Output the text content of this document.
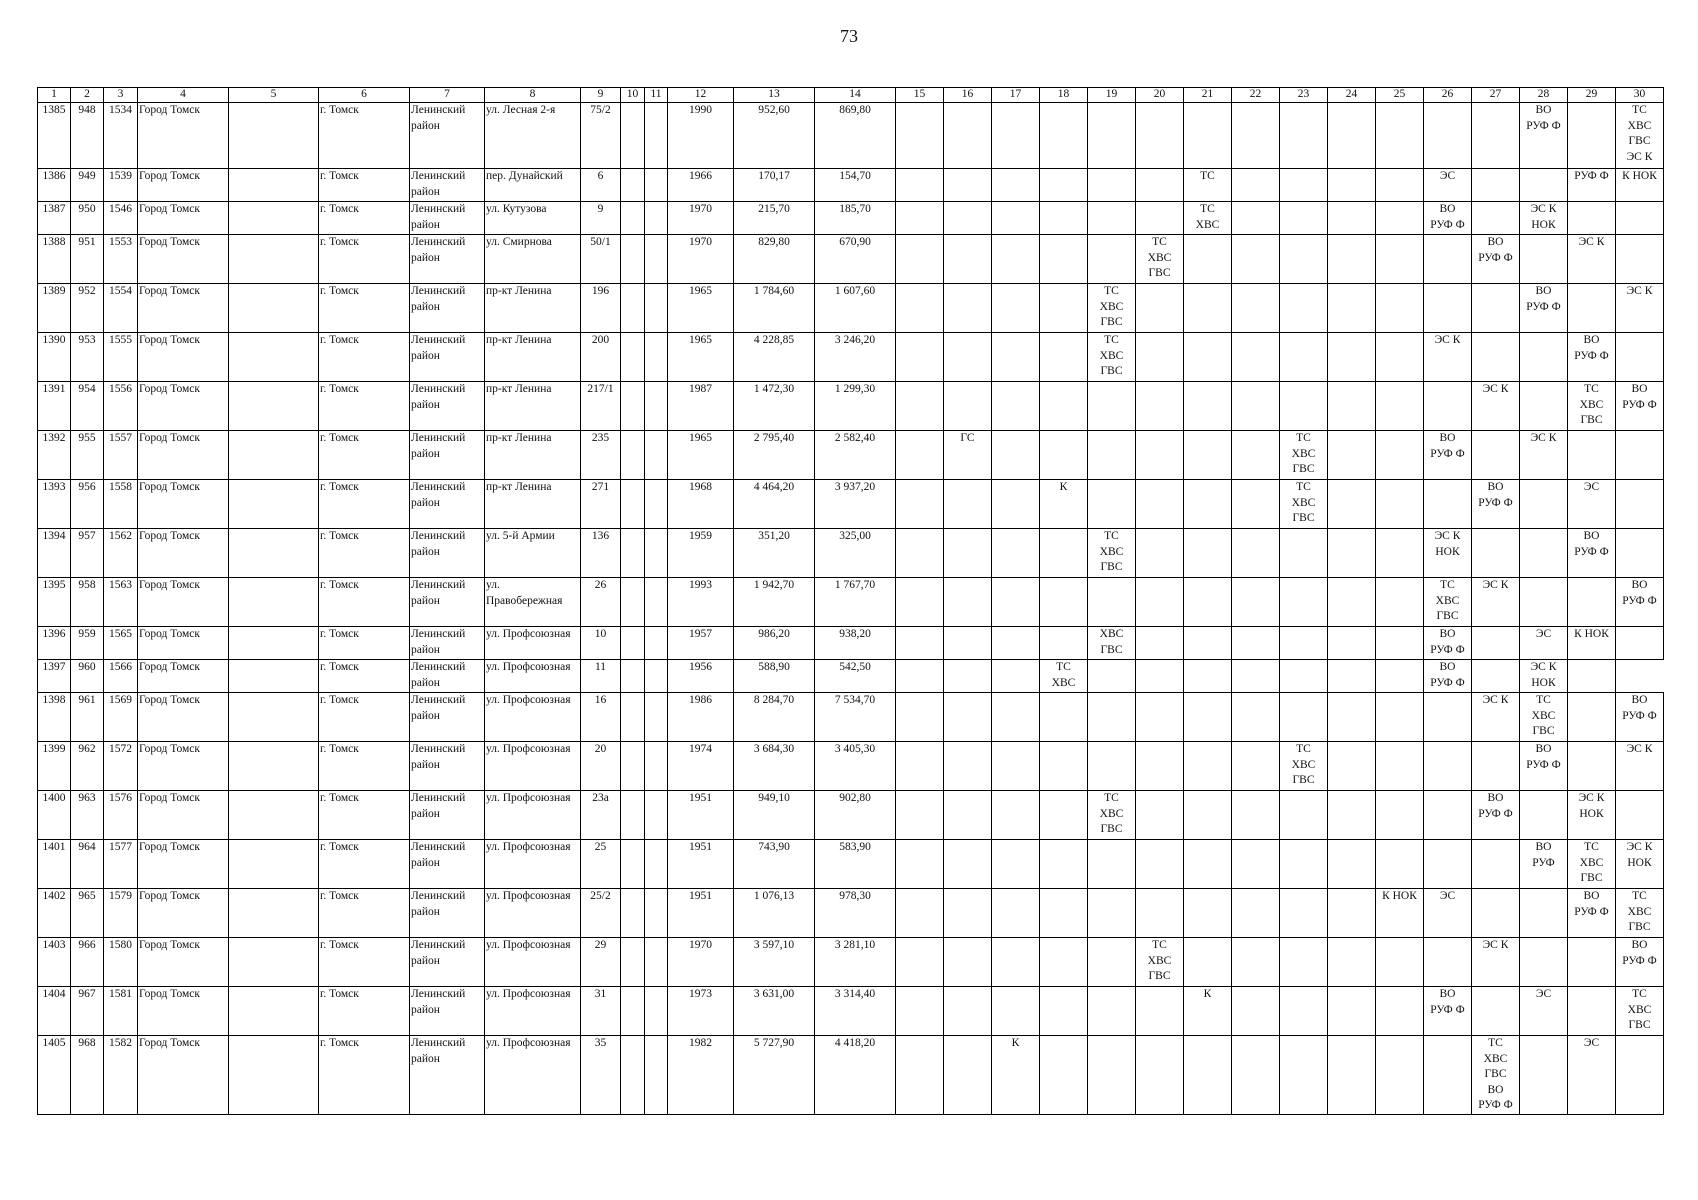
73
1	2	3	4	5	6	7	8	9	10	11	12	13	14	15	16	17	18	19	20	21	22	23	24	25	26	27	28	29	30
1385	948	1534	Город Томск		г. Томск	Ленинский район	ул. Лесная 2-я	75/2			1990	952,60	869,80														ВО
РУФ Ф		ТС
ХВС
ГВС
ЭС К
1386	949	1539	Город Томск		г. Томск	Ленинский район	пер. Дунайский	6			1966	170,17	154,70							ТС					ЭС			РУФ Ф	К НОК
1387	950	1546	Город Томск		г. Томск	Ленинский район	ул. Кутузова	9			1970	215,70	185,70							ТС
ХВС					ВО
РУФ Ф		ЭС К
НОК		
1388	951	1553	Город Томск		г. Томск	Ленинский район	ул. Смирнова	50/1			1970	829,80	670,90						ТС
ХВС
ГВС							ВО
РУФ Ф		ЭС К	
1389	952	1554	Город Томск		г. Томск	Ленинский район	пр-кт Ленина	196			1965	1 784,60	1 607,60					ТС
ХВС
ГВС									ВО
РУФ Ф		ЭС К
1390	953	1555	Город Томск		г. Томск	Ленинский район	пр-кт Ленина	200			1965	4 228,85	3 246,20					ТС
ХВС
ГВС							ЭС К			ВО
РУФ Ф	
1391	954	1556	Город Томск		г. Томск	Ленинский район	пр-кт Ленина	217/1			1987	1 472,30	1 299,30													ЭС К		ТС
ХВС
ГВС	ВО
РУФ Ф
1392	955	1557	Город Томск		г. Томск	Ленинский район	пр-кт Ленина	235			1965	2 795,40	2 582,40		ГС							ТС
ХВС
ГВС			ВО
РУФ Ф		ЭС К		
1393	956	1558	Город Томск		г. Томск	Ленинский район	пр-кт Ленина	271			1968	4 464,20	3 937,20				К					ТС
ХВС
ГВС				ВО
РУФ Ф		ЭС	
1394	957	1562	Город Томск		г. Томск	Ленинский район	ул. 5-й Армии	136			1959	351,20	325,00					ТС
ХВС
ГВС							ЭС К
НОК			ВО
РУФ Ф	
1395	958	1563	Город Томск		г. Томск	Ленинский район	ул. Правобережная	26			1993	1 942,70	1 767,70												ТС
ХВС
ГВС	ЭС К			ВО
РУФ Ф
1396	959	1565	Город Томск		г. Томск	Ленинский район	ул. Профсоюзная	10			1957	986,20	938,20					ХВС
ГВС							ВО
РУФ Ф		ЭС	К НОК	
1397	960	1566	Город Томск		г. Томск	Ленинский район	ул. Профсоюзная	11			1956	588,90	542,50				ТС
ХВС								ВО
РУФ Ф		ЭС К
НОК		
1398	961	1569	Город Томск		г. Томск	Ленинский район	ул. Профсоюзная	16			1986	8 284,70	7 534,70													ЭС К	ТС
ХВС
ГВС		ВО
РУФ Ф
1399	962	1572	Город Томск		г. Томск	Ленинский район	ул. Профсоюзная	20			1974	3 684,30	3 405,30									ТС
ХВС
ГВС					ВО
РУФ Ф		ЭС К
1400	963	1576	Город Томск		г. Томск	Ленинский район	ул. Профсоюзная	23а			1951	949,10	902,80					ТС
ХВС
ГВС								ВО
РУФ Ф		ЭС К
НОК	
1401	964	1577	Город Томск		г. Томск	Ленинский район	ул. Профсоюзная	25			1951	743,90	583,90														ВО
РУФ	ТС
ХВС
ГВС	ЭС К
НОК
1402	965	1579	Город Томск		г. Томск	Ленинский район	ул. Профсоюзная	25/2			1951	1 076,13	978,30											К НОК	ЭС			ВО
РУФ Ф	ТС
ХВС
ГВС
1403	966	1580	Город Томск		г. Томск	Ленинский район	ул. Профсоюзная	29			1970	3 597,10	3 281,10						ТС
ХВС
ГВС							ЭС К			ВО
РУФ Ф
1404	967	1581	Город Томск		г. Томск	Ленинский район	ул. Профсоюзная	31			1973	3 631,00	3 314,40							К					ВО
РУФ Ф		ЭС		ТС
ХВС
ГВС
1405	968	1582	Город Томск		г. Томск	Ленинский район	ул. Профсоюзная	35			1982	5 727,90	4 418,20			К										ТС
ХВС
ГВС
ВО
РУФ Ф		ЭС	
